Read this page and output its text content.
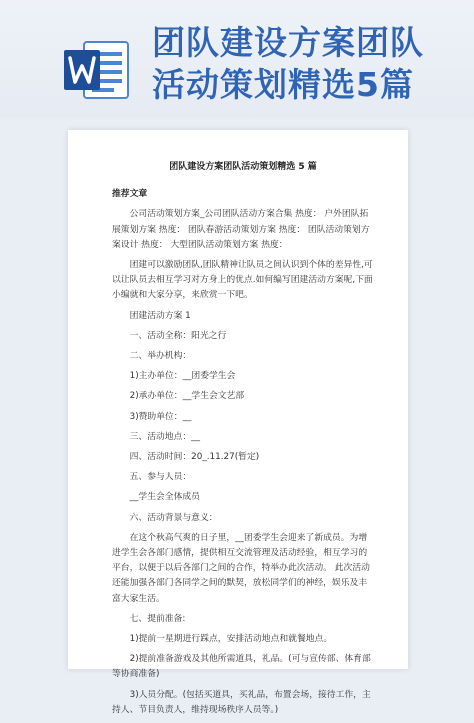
团队建设方案团队
活动策划精选5篇
团队建设方案团队活动策划精选 5 篇
推荐文章

公司活动策划方案_公司团队活动方案合集 热度： 户外团队拓展策划方案 热度： 团队春游活动策划方案 热度： 团队活动策划方案设计 热度： 大型团队活动策划方案 热度：

团建可以激励团队,团队精神让队员之间认识到个体的差异性,可以让队员去相互学习对方身上的优点.如何编写团建活动方案呢,下面小编就和大家分享，来欣赏一下吧。

团建活动方案 1

一、活动全称：阳光之行

二、举办机构：

1)主办单位：__团委学生会

2)承办单位：__学生会文艺部

3)赞助单位：__

三、活动地点：__

四、活动时间：20_.11.27(暂定)

五、参与人员：

__学生会全体成员

六、活动背景与意义：

在这个秋高气爽的日子里，__团委学生会迎来了新成员。为增进学生会各部门感情，提供相互交流管理及活动经验，相互学习的平台，以便于以后各部门之间的合作，特举办此次活动。 此次活动还能加强各部门各同学之间的默契，放松同学们的神经，娱乐及丰富大家生活。

七、提前准备:

1)提前一星期进行踩点，安排活动地点和就餐地点。

2)提前准备游戏及其他所需道具，礼品。(可与宣传部、体育部等协商准备)

3)人员分配。(包括买道具，买礼品，布置会场，接待工作，主持人、节目负责人，维持现场秩序人员等。)
